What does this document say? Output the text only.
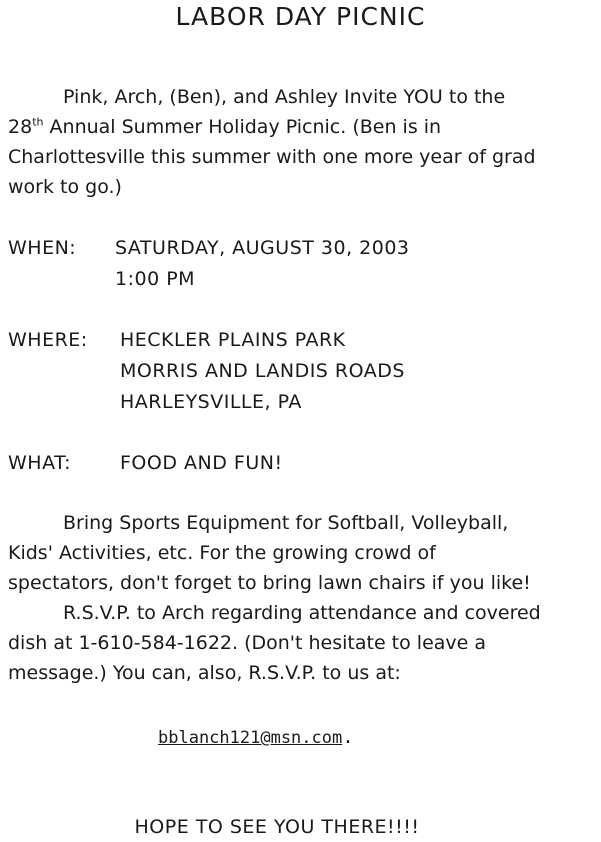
LABOR DAY PICNIC
Pink, Arch, (Ben), and Ashley Invite YOU to the
28th Annual Summer Holiday Picnic. (Ben is in
Charlottesville this summer with one more year of grad
work to go.)
WHEN: SATURDAY, AUGUST 30, 2003
1:00 PM
WHERE: HECKLER PLAINS PARK
MORRIS AND LANDIS ROADS
HARLEYSVILLE, PA
WHAT:	FOOD AND FUN!
Bring Sports Equipment for Softball, Volleyball,
Kids' Activities, etc. For the growing crowd of
spectators, don't forget to bring lawn chairs if you like!
R.S.V.P. to Arch regarding attendance and covered
dish at 1-610-584-1622. (Don't hesitate to leave a
message.) You can, also, R.S.V.P. to us at:
bblanch121@msn.com.
HOPE TO SEE YOU THERE!!!!
